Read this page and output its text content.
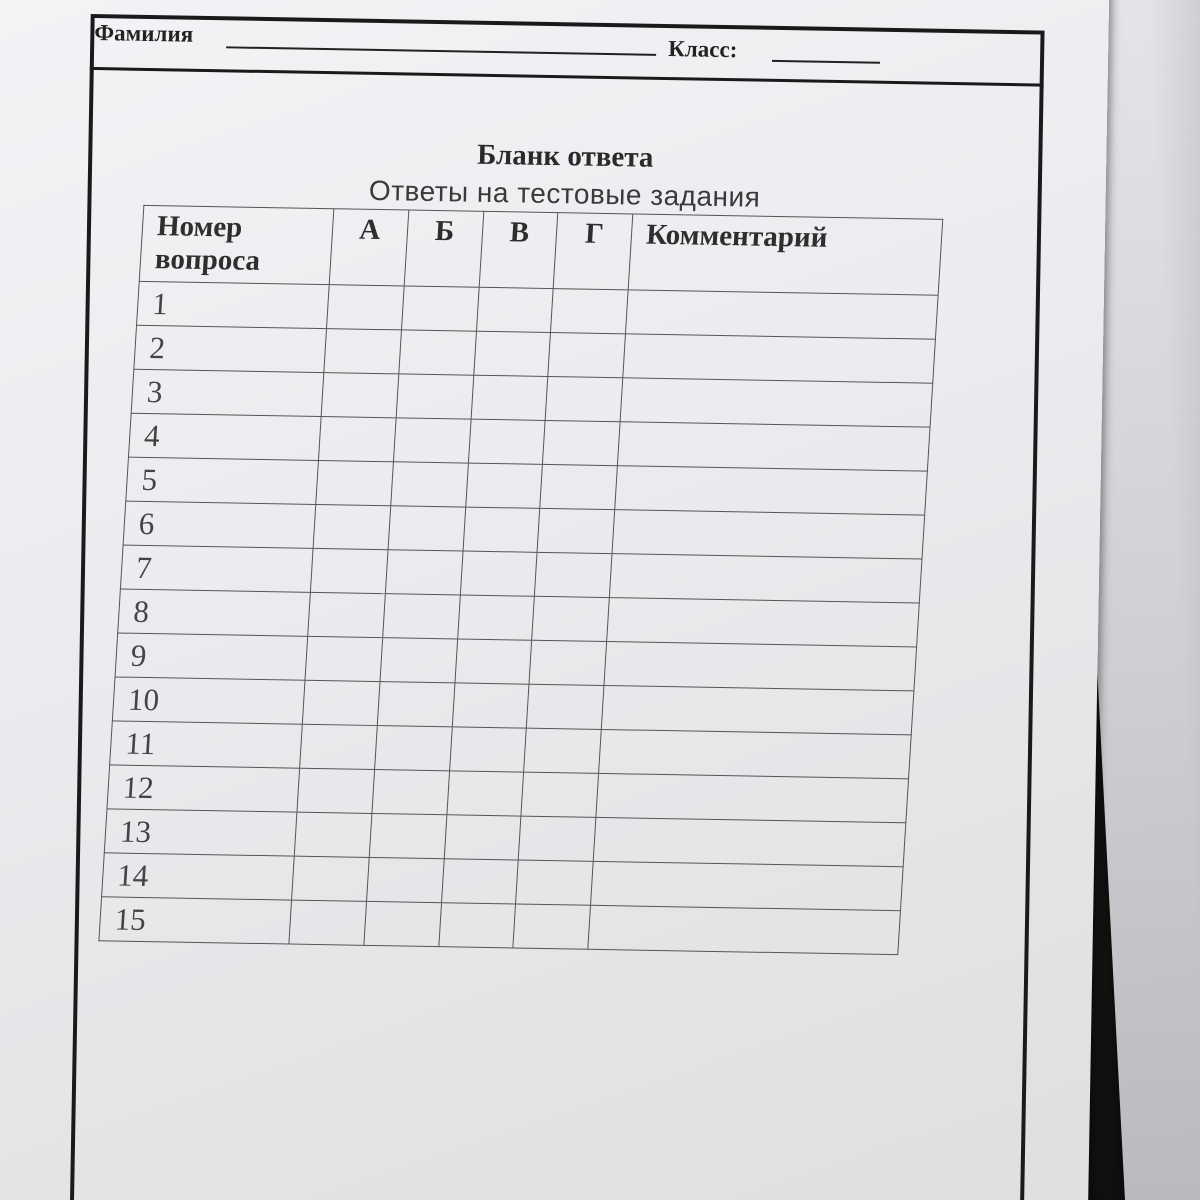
Фамилия
Класс:
Бланк ответа
Ответы на тестовые задания
Номер вопроса	А	Б	В	Г	Комментарий
1					
2					
3					
4					
5					
6					
7					
8					
9					
10					
11					
12					
13					
14					
15					
